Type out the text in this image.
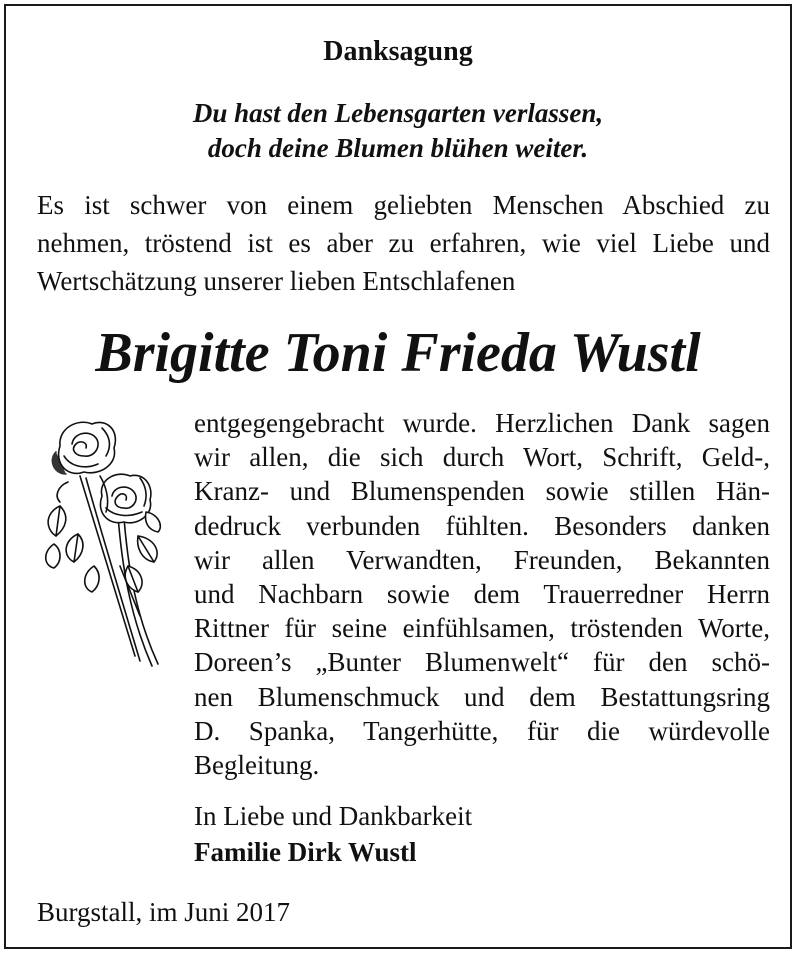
Danksagung
Du hast den Lebensgarten verlassen,
doch deine Blumen blühen weiter.
Es ist schwer von einem geliebten Menschen Abschied zu
nehmen, tröstend ist es aber zu erfahren, wie viel Liebe und
Wertschätzung unserer lieben Entschlafenen
Brigitte Toni Frieda Wustl
entgegengebracht wurde. Herzlichen Dank sagen
wir allen, die sich durch Wort, Schrift, Geld-,
Kranz- und Blumenspenden sowie stillen Hän-
dedruck verbunden fühlten. Besonders danken
wir allen Verwandten, Freunden, Bekannten
und Nachbarn sowie dem Trauerredner Herrn
Rittner für seine einfühlsamen, tröstenden Worte,
Doreen’s „Bunter Blumenwelt“ für den schö-
nen Blumenschmuck und dem Bestattungsring
D. Spanka, Tangerhütte, für die würdevolle
Begleitung.
In Liebe und Dankbarkeit
Familie Dirk Wustl
Burgstall, im Juni 2017
